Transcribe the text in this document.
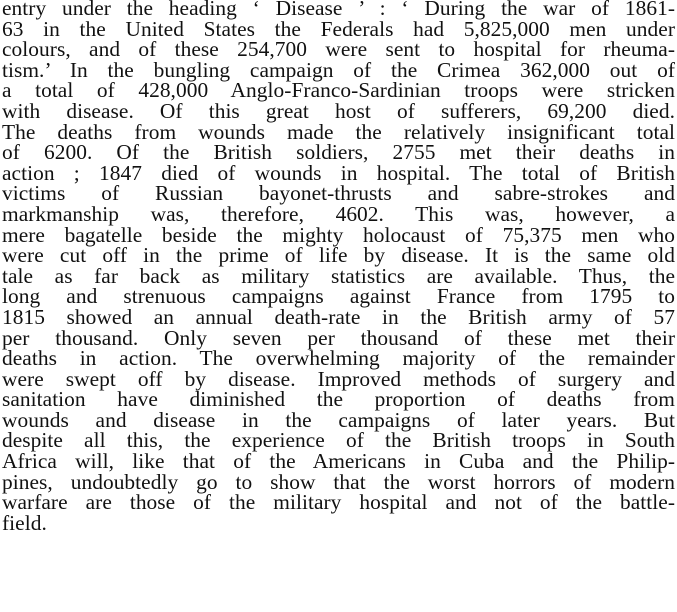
entry under the heading ‘ Disease ’ : ‘ During the war of 1861-
63 in the United States the Federals had 5,825,000 men under
colours, and of these 254,700 were sent to hospital for rheuma-
tism.’ In the bungling campaign of the Crimea 362,000 out of
a total of 428,000 Anglo-Franco-Sardinian troops were stricken
with disease. Of this great host of sufferers, 69,200 died.
The deaths from wounds made the relatively insignificant total
of 6200. Of the British soldiers, 2755 met their deaths in
action ; 1847 died of wounds in hospital. The total of British
victims of Russian bayonet-thrusts and sabre-strokes and
markmanship was, therefore, 4602. This was, however, a
mere bagatelle beside the mighty holocaust of 75,375 men who
were cut off in the prime of life by disease. It is the same old
tale as far back as military statistics are available. Thus, the
long and strenuous campaigns against France from 1795 to
1815 showed an annual death-rate in the British army of 57
per thousand. Only seven per thousand of these met their
deaths in action. The overwhelming majority of the remainder
were swept off by disease. Improved methods of surgery and
sanitation have diminished the proportion of deaths from
wounds and disease in the campaigns of later years. But
despite all this, the experience of the British troops in South
Africa will, like that of the Americans in Cuba and the Philip-
pines, undoubtedly go to show that the worst horrors of modern
warfare are those of the military hospital and not of the battle-
field.
